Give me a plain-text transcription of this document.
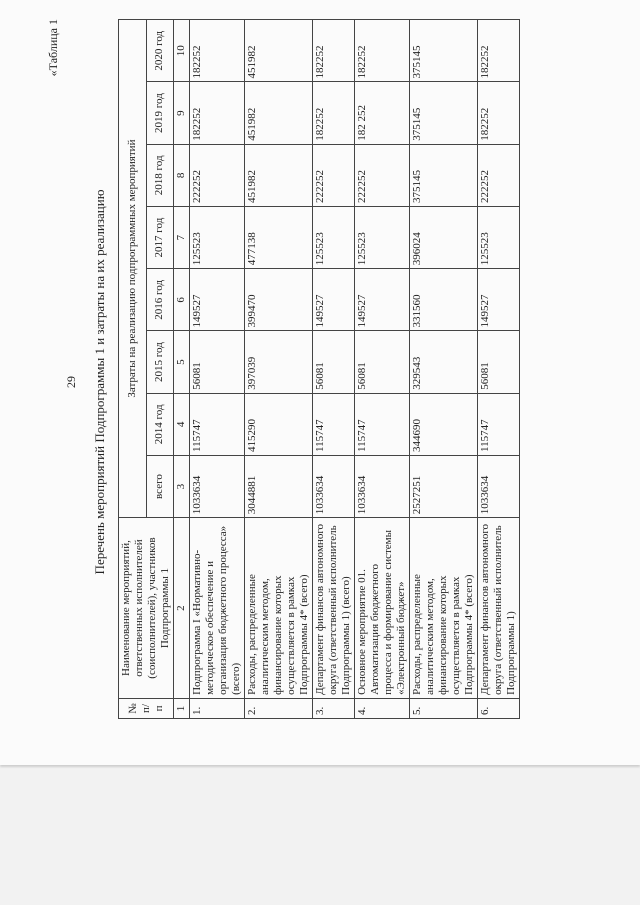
«Таблица 1
29 Перечень мероприятий Подпрограммы 1 и затраты на их реализацию
№ п/п	Наименование мероприятий, ответственных исполнителей (соисполнителей), участников Подпрограммы 1	Затраты на реализацию подпрограммных мероприятий							
		всего	2014 год	2015 год	2016 год	2017 год	2018 год	2019 год	2020 год
1	2	3	4	5	6	7	8	9	10
1.	Подпрограмма I «Нормативно-методическое обеспечение и организация бюджетного процесса» (всего)	1033634	115747	56081	149527	125523	222252	182252	182252
2.	Расходы, распределенные аналитическим методом, финансирование которых осуществляется в рамках Подпрограммы 4* (всего)	3044881	415290	397039	399470	477138	451982	451982	451982
3.	Департамент финансов автономного округа (ответственный исполнитель Подпрограммы 1) (всего)	1033634	115747	56081	149527	125523	222252	182252	182252
4.	Основное мероприятие 01. Автоматизация бюджетного процесса и формирование системы «Электронный бюджет»	1033634	115747	56081	149527	125523	222252	182 252	182252
5.	Расходы, распределенные аналитическим методом, финансирование которых осуществляется в рамках Подпрограммы 4* (всего)	2527251	344690	329543	331560	396024	375145	375145	375145
6.	Департамент финансов автономного округа (ответственный исполнитель Подпрограммы 1)	1033634	115747	56081	149527	125523	222252	182252	182252
